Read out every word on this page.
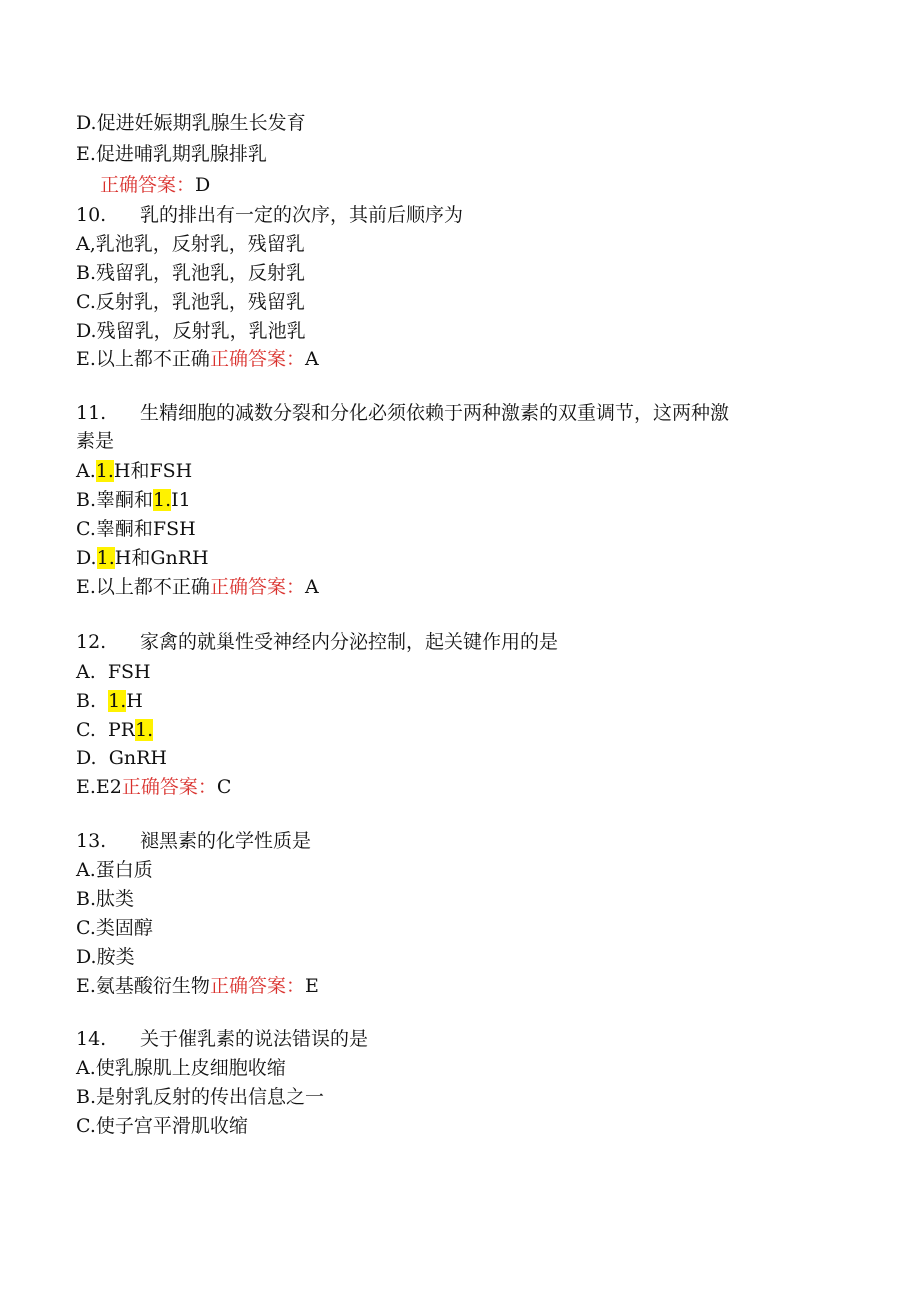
D.促进妊娠期乳腺生长发育
E.促进哺乳期乳腺排乳
正确答案：D
10. 乳的排出有一定的次序，其前后顺序为
A,乳池乳，反射乳，残留乳
B.残留乳，乳池乳，反射乳
C.反射乳，乳池乳，残留乳
D.残留乳，反射乳，乳池乳
E.以上都不正确正确答案：A
11. 生精细胞的减数分裂和分化必须依赖于两种激素的双重调节，这两种激
素是
A.1.H和FSH
B.睾酮和1.I1
C.睾酮和FSH
D.1.H和GnRH
E.以上都不正确正确答案：A
12. 家禽的就巢性受神经内分泌控制，起关键作用的是
A. FSH
B. 1.H
C. PR1.
D. GnRH
E.E2正确答案：C
13. 褪黑素的化学性质是
A.蛋白质
B.肽类
C.类固醇
D.胺类
E.氨基酸衍生物正确答案：E
14. 关于催乳素的说法错误的是
A.使乳腺肌上皮细胞收缩
B.是射乳反射的传出信息之一
C.使子宫平滑肌收缩
